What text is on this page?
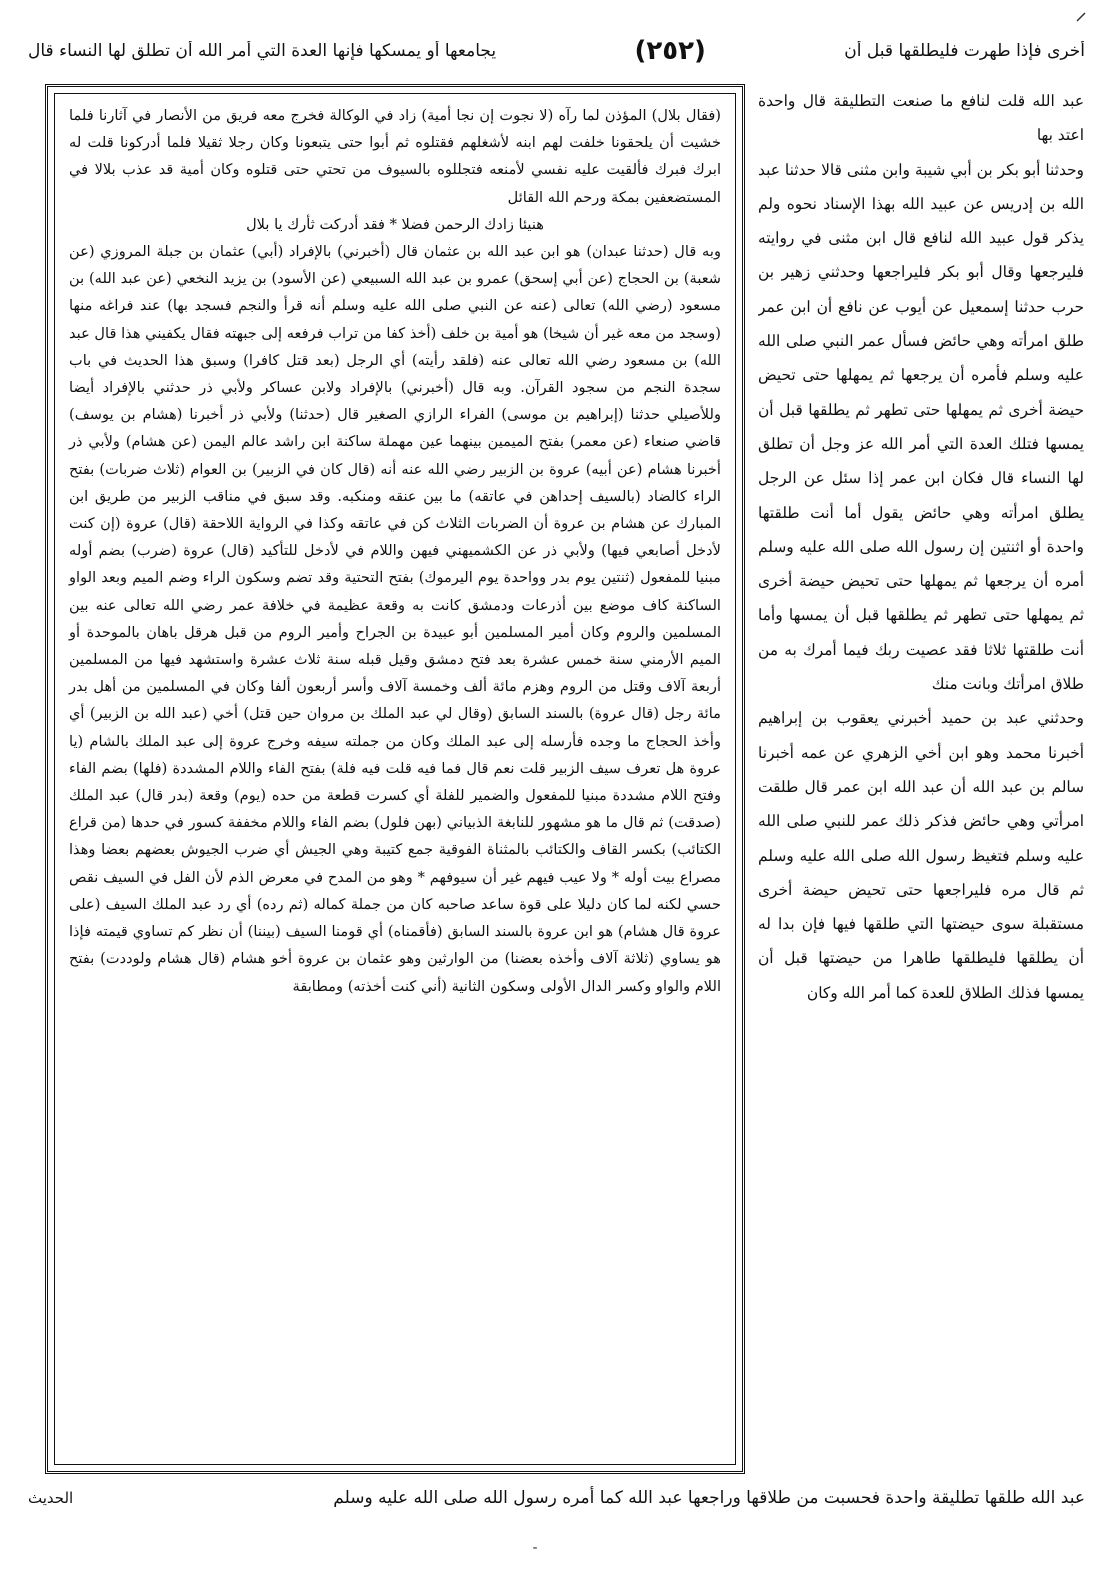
أخرى فإذا طهرت فليطلقها قبل أن
(٢٥٢)
يجامعها أو يمسكها فإنها العدة التي أمر الله أن تطلق لها النساء قال

(فقال بلال) المؤذن لما رآه (لا نجوت إن نجا أمية) زاد في الوكالة فخرج معه فريق من الأنصار في آثارنا فلما خشيت أن يلحقونا خلفت لهم ابنه لأشغلهم فقتلوه ثم أبوا حتى يتبعونا وكان رجلا ثقيلا فلما أدركونا قلت له ابرك فبرك فألقيت عليه نفسي لأمنعه فتجللوه بالسيوف من تحتي حتى قتلوه وكان أمية قد عذب بلالا في المستضعفين بمكة ورحم الله القائل

هنيئا زادك الرحمن فضلا * فقد أدركت ثأرك يا بلال

وبه قال (حدثنا عبدان) هو ابن عبد الله بن عثمان قال (أخبرني) بالإفراد (أبي) عثمان بن جبلة المروزي (عن شعبة) بن الحجاج (عن أبي إسحق) عمرو بن عبد الله السبيعي (عن الأسود) بن يزيد النخعي (عن عبد الله) بن مسعود (رضي الله) تعالى (عنه عن النبي صلى الله عليه وسلم أنه قرأ والنجم فسجد بها) عند فراغه منها (وسجد من معه غير أن شيخا) هو أمية بن خلف (أخذ كفا من تراب فرفعه إلى جبهته فقال يكفيني هذا قال عبد الله) بن مسعود رضي الله تعالى عنه (فلقد رأيته) أي الرجل (بعد قتل كافرا) وسبق هذا الحديث في باب سجدة النجم من سجود القرآن. وبه قال (أخبرني) بالإفراد ولابن عساكر ولأبي ذر حدثني بالإفراد أيضا وللأصيلي حدثنا (إبراهيم بن موسى) الفراء الرازي الصغير قال (حدثنا) ولأبي ذر أخبرنا (هشام بن يوسف) قاضي صنعاء (عن معمر) بفتح الميمين بينهما عين مهملة ساكنة ابن راشد عالم اليمن (عن هشام) ولأبي ذر أخبرنا هشام (عن أبيه) عروة بن الزبير رضي الله عنه أنه (قال كان في الزبير) بن العوام (ثلاث ضربات) بفتح الراء كالضاد (بالسيف إحداهن في عاتقه) ما بين عنقه ومنكبه. وقد سبق في مناقب الزبير من طريق ابن المبارك عن هشام بن عروة أن الضربات الثلاث كن في عاتقه وكذا في الرواية اللاحقة (قال) عروة (إن كنت لأدخل أصابعي فيها) ولأبي ذر عن الكشميهني فيهن واللام في لأدخل للتأكيد (قال) عروة (ضرب) بضم أوله مبنيا للمفعول (ثنتين يوم بدر وواحدة يوم اليرموك) بفتح التحتية وقد تضم وسكون الراء وضم الميم وبعد الواو الساكنة كاف موضع بين أذرعات ودمشق كانت به وقعة عظيمة في خلافة عمر رضي الله تعالى عنه بين المسلمين والروم وكان أمير المسلمين أبو عبيدة بن الجراح وأمير الروم من قبل هرقل باهان بالموحدة أو الميم الأرمني سنة خمس عشرة بعد فتح دمشق وقيل قبله سنة ثلاث عشرة واستشهد فيها من المسلمين أربعة آلاف وقتل من الروم وهزم مائة ألف وخمسة آلاف وأسر أربعون ألفا وكان في المسلمين من أهل بدر مائة رجل (قال عروة) بالسند السابق (وقال لي عبد الملك بن مروان حين قتل) أخي (عبد الله بن الزبير) أي وأخذ الحجاج ما وجده فأرسله إلى عبد الملك وكان من جملته سيفه وخرج عروة إلى عبد الملك بالشام (يا عروة هل تعرف سيف الزبير قلت نعم قال فما فيه قلت فيه فلة) بفتح الفاء واللام المشددة (فلها) بضم الفاء وفتح اللام مشددة مبنيا للمفعول والضمير للفلة أي كسرت قطعة من حده (يوم) وقعة (بدر قال) عبد الملك (صدقت) ثم قال ما هو مشهور للنابغة الذبياني (بهن فلول) بضم الفاء واللام مخففة كسور في حدها (من قراع الكتائب) بكسر القاف والكتائب بالمثناة الفوقية جمع كتيبة وهي الجيش أي ضرب الجيوش بعضهم بعضا وهذا مصراع بيت أوله * ولا عيب فيهم غير أن سيوفهم * وهو من المدح في معرض الذم لأن الفل في السيف نقص حسي لكنه لما كان دليلا على قوة ساعد صاحبه كان من جملة كماله (ثم رده) أي رد عبد الملك السيف (على عروة قال هشام) هو ابن عروة بالسند السابق (فأقمناه) أي قومنا السيف (بيننا) أن نظر كم تساوي قيمته فإذا هو يساوي (ثلاثة آلاف وأخذه بعضنا) من الوارثين وهو عثمان بن عروة أخو هشام (قال هشام ولوددت) بفتح اللام والواو وكسر الدال الأولى وسكون الثانية (أني كنت أخذته) ومطابقة

عبد الله قلت لنافع ما صنعت التطليقة قال واحدة اعتد بها

وحدثنا أبو بكر بن أبي شيبة وابن مثنى قالا حدثنا عبد الله بن إدريس عن عبيد الله بهذا الإسناد نحوه ولم يذكر قول عبيد الله لنافع قال ابن مثنى في روايته فليرجعها وقال أبو بكر فليراجعها وحدثني زهير بن حرب حدثنا إسمعيل عن أيوب عن نافع أن ابن عمر طلق امرأته وهي حائض فسأل عمر النبي صلى الله عليه وسلم فأمره أن يرجعها ثم يمهلها حتى تحيض حيضة أخرى ثم يمهلها حتى تطهر ثم يطلقها قبل أن يمسها فتلك العدة التي أمر الله عز وجل أن تطلق لها النساء قال فكان ابن عمر إذا سئل عن الرجل يطلق امرأته وهي حائض يقول أما أنت طلقتها واحدة أو اثنتين إن رسول الله صلى الله عليه وسلم أمره أن يرجعها ثم يمهلها حتى تحيض حيضة أخرى ثم يمهلها حتى تطهر ثم يطلقها قبل أن يمسها وأما أنت طلقتها ثلاثا فقد عصيت ربك فيما أمرك به من طلاق امرأتك وبانت منك

وحدثني عبد بن حميد أخبرني يعقوب بن إبراهيم أخبرنا محمد وهو ابن أخي الزهري عن عمه أخبرنا سالم بن عبد الله أن عبد الله ابن عمر قال طلقت امرأتي وهي حائض فذكر ذلك عمر للنبي صلى الله عليه وسلم فتغيظ رسول الله صلى الله عليه وسلم ثم قال مره فليراجعها حتى تحيض حيضة أخرى مستقبلة سوى حيضتها التي طلقها فيها فإن بدا له أن يطلقها فليطلقها طاهرا من حيضتها قبل أن يمسها فذلك الطلاق للعدة كما أمر الله وكان

عبد الله طلقها تطليقة واحدة فحسبت من طلاقها وراجعها عبد الله كما أمره رسول الله صلى الله عليه وسلم
الحديث
-
